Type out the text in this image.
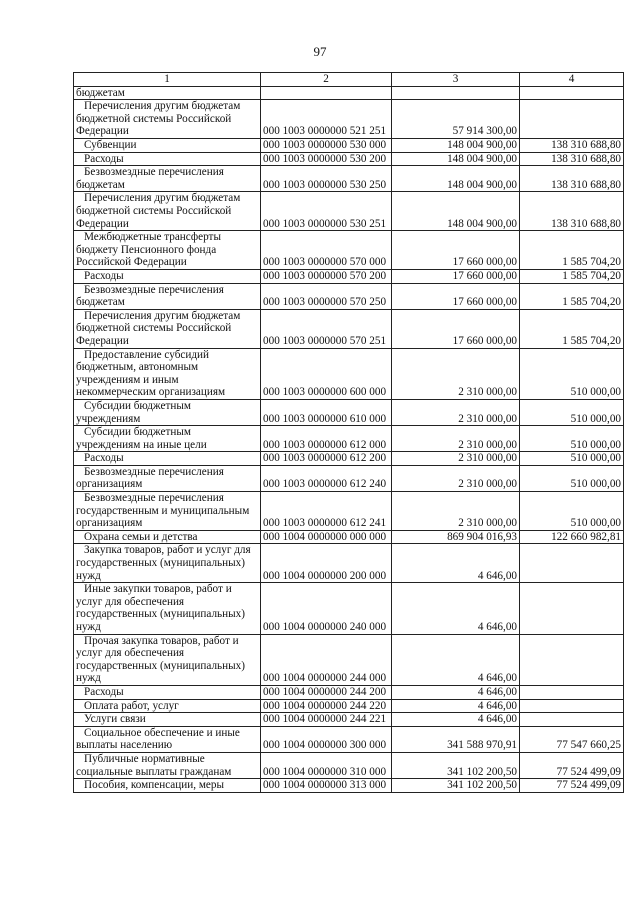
97
1	2	3	4

бюджетам			

Перечисления другим бюджетам бюджетной системы Российской Федерации	000 1003 0000000 521 251	57 914 300,00	

Субвенции	000 1003 0000000 530 000	148 004 900,00	138 310 688,80

Расходы	000 1003 0000000 530 200	148 004 900,00	138 310 688,80

Безвозмездные перечисления бюджетам	000 1003 0000000 530 250	148 004 900,00	138 310 688,80

Перечисления другим бюджетам бюджетной системы Российской Федерации	000 1003 0000000 530 251	148 004 900,00	138 310 688,80

Межбюджетные трансферты бюджету Пенсионного фонда Российской Федерации	000 1003 0000000 570 000	17 660 000,00	1 585 704,20

Расходы	000 1003 0000000 570 200	17 660 000,00	1 585 704,20

Безвозмездные перечисления бюджетам	000 1003 0000000 570 250	17 660 000,00	1 585 704,20

Перечисления другим бюджетам бюджетной системы Российской Федерации	000 1003 0000000 570 251	17 660 000,00	1 585 704,20

Предоставление субсидий бюджетным, автономным учреждениям и иным некоммерческим организациям	000 1003 0000000 600 000	2 310 000,00	510 000,00

Субсидии бюджетным учреждениям	000 1003 0000000 610 000	2 310 000,00	510 000,00

Субсидии бюджетным учреждениям на иные цели	000 1003 0000000 612 000	2 310 000,00	510 000,00

Расходы	000 1003 0000000 612 200	2 310 000,00	510 000,00

Безвозмездные перечисления организациям	000 1003 0000000 612 240	2 310 000,00	510 000,00

Безвозмездные перечисления государственным и муниципальным организациям	000 1003 0000000 612 241	2 310 000,00	510 000,00

Охрана семьи и детства	000 1004 0000000 000 000	869 904 016,93	122 660 982,81

Закупка товаров, работ и услуг для государственных (муниципальных) нужд	000 1004 0000000 200 000	4 646,00	

Иные закупки товаров, работ и услуг для обеспечения государственных (муниципальных) нужд	000 1004 0000000 240 000	4 646,00	

Прочая закупка товаров, работ и услуг для обеспечения государственных (муниципальных) нужд	000 1004 0000000 244 000	4 646,00	

Расходы	000 1004 0000000 244 200	4 646,00	

Оплата работ, услуг	000 1004 0000000 244 220	4 646,00	

Услуги связи	000 1004 0000000 244 221	4 646,00	

Социальное обеспечение и иные выплаты населению	000 1004 0000000 300 000	341 588 970,91	77 547 660,25

Публичные нормативные социальные выплаты гражданам	000 1004 0000000 310 000	341 102 200,50	77 524 499,09

Пособия, компенсации, меры	000 1004 0000000 313 000	341 102 200,50	77 524 499,09
